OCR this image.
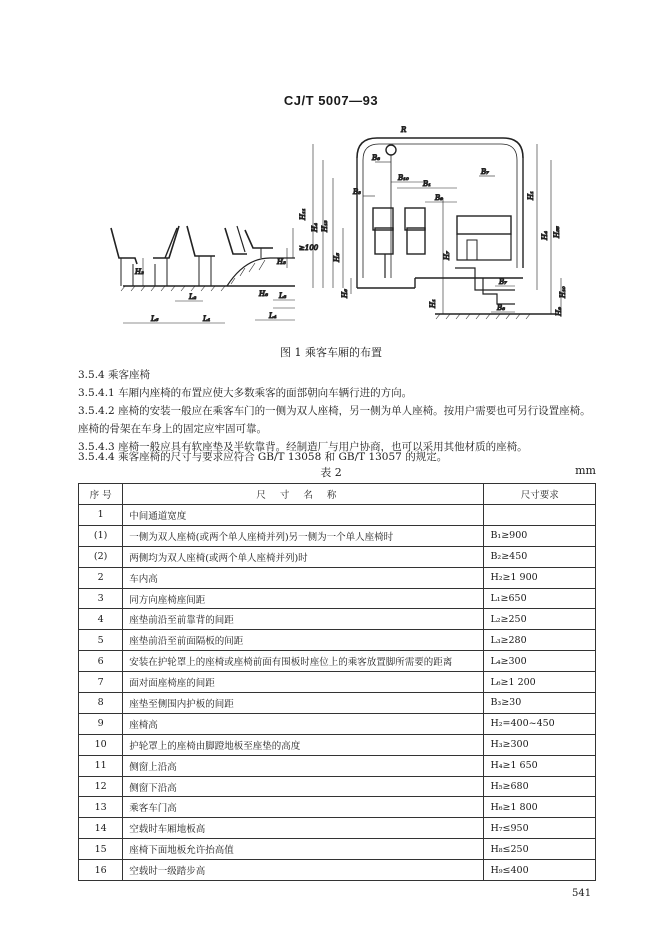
CJ/T 5007—93
L₆	L₁
L₂	L₃
L₄
H₂
H₃
H₈
≥100
R
B₈
B₁₀
B₁
B₉
B₃
B₇
B₇
B₈
H₁₁
H₄ H₁₃
H₅
H₆
H₁
H₄ H₅₅
H₇
H₁
H₁₀
H₉
图 1 乘客车厢的布置
3.5.4 乘客座椅
3.5.4.1 车厢内座椅的布置应使大多数乘客的面部朝向车辆行进的方向。
3.5.4.2 座椅的安装一般应在乘客车门的一侧为双人座椅，另一侧为单人座椅。按用户需要也可另行设置座椅。座椅的骨架在车身上的固定应牢固可靠。
3.5.4.3 座椅一般应具有软座垫及半软靠背。经制造厂与用户协商，也可以采用其他材质的座椅。
3.5.4.4 乘客座椅的尺寸与要求应符合 GB/T 13058 和 GB/T 13057 的规定。
表 2	mm
序 号	尺寸名称	尺寸要求
1	中间通道宽度	
(1)	一侧为双人座椅(或两个单人座椅并列)另一侧为一个单人座椅时	B₁≥900
(2)	两侧均为双人座椅(或两个单人座椅并列)时	B₂≥450
2	车内高	H₂≥1 900
3	同方向座椅座间距	L₁≥650
4	座垫前沿至前靠背的间距	L₂≥250
5	座垫前沿至前面隔板的间距	L₃≥280
6	安装在护轮罩上的座椅或座椅前面有围板时座位上的乘客放置脚所需要的距离	L₄≥300
7	面对面座椅座的间距	L₆≥1 200
8	座垫至侧围内护板的间距	B₃≥30
9	座椅高	H₂=400~450
10	护轮罩上的座椅由脚蹬地板至座垫的高度	H₃≥300
11	侧窗上沿高	H₄≥1 650
12	侧窗下沿高	H₅≥680
13	乘客车门高	H₆≥1 800
14	空载时车厢地板高	H₇≤950
15	座椅下面地板允许抬高值	H₈≤250
16	空载时一级踏步高	H₉≤400
541
